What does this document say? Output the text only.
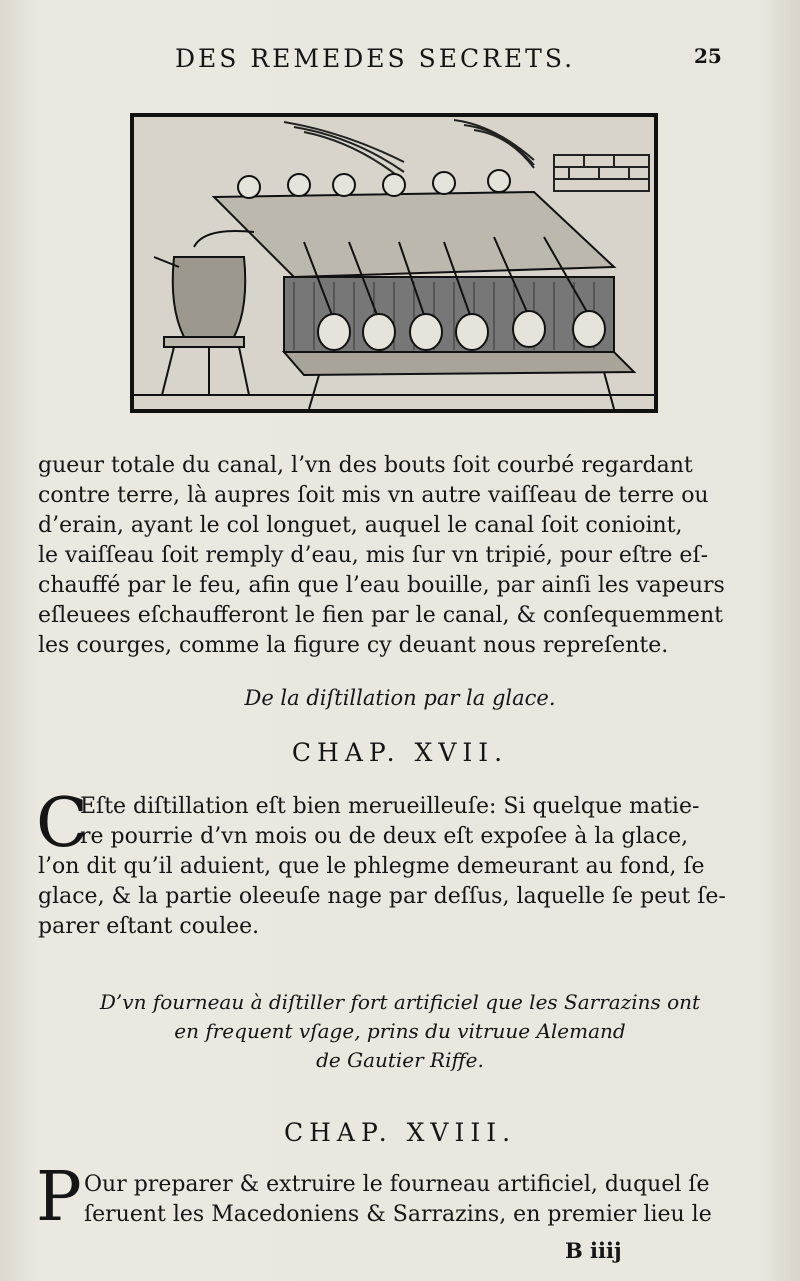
DES REMEDES SECRETS.	25
gueur totale du canal, l’vn des bouts ſoit courbé regardant
contre terre, là aupres ſoit mis vn autre vaiſſeau de terre ou
d’erain, ayant le col longuet, auquel le canal ſoit conioint,
le vaiſſeau ſoit remply d’eau, mis ſur vn tripié, pour eſtre eſ-
chauffé par le feu, afin que l’eau bouille, par ainſi les vapeurs
eſleuees eſchaufferont le fien par le canal, & conſequemment
les courges, comme la figure cy deuant nous repreſente.
De la diſtillation par la glace.
CHAP. XVII.
C
Eſte diſtillation eſt bien merueilleuſe: Si quelque matie-
re pourrie d’vn mois ou de deux eſt expoſee à la glace,
l’on dit qu’il aduient, que le phlegme demeurant au fond, ſe
glace, & la partie oleeuſe nage par deſſus, laquelle ſe peut ſe-
parer eſtant coulee.
D’vn fourneau à diſtiller fort artificiel que les Sarrazins ont
en frequent vſage, prins du vitruue Alemand
de Gautier Riffe.
CHAP. XVIII.
P Our preparer & extruire le fourneau artificiel, duquel ſe
ſeruent les Macedoniens & Sarrazins, en premier lieu le
B iiij
